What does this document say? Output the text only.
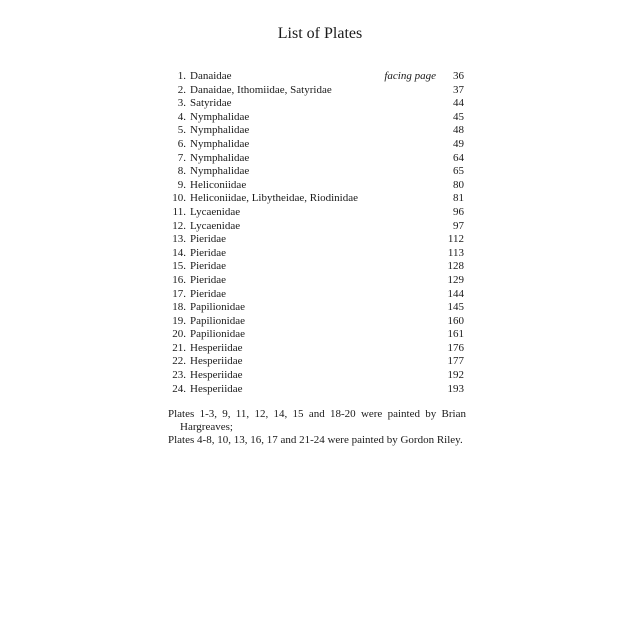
List of Plates
1. Danaidae	facing page 36
2. Danaidae, Ithomiidae, Satyridae	37
3. Satyridae	44
4. Nymphalidae	45
5. Nymphalidae	48
6. Nymphalidae	49
7. Nymphalidae	64
8. Nymphalidae	65
9. Heliconiidae	80
10. Heliconiidae, Libytheidae, Riodinidae	81
11. Lycaenidae	96
12. Lycaenidae	97
13. Pieridae	112
14. Pieridae	113
15. Pieridae	128
16. Pieridae	129
17. Pieridae	144
18. Papilionidae	145
19. Papilionidae	160
20. Papilionidae	161
21. Hesperiidae	176
22. Hesperiidae	177
23. Hesperiidae	192
24. Hesperiidae	193

Plates 1-3, 9, 11, 12, 14, 15 and 18-20 were painted by Brian

Hargreaves;

Plates 4-8, 10, 13, 16, 17 and 21-24 were painted by Gordon Riley.
